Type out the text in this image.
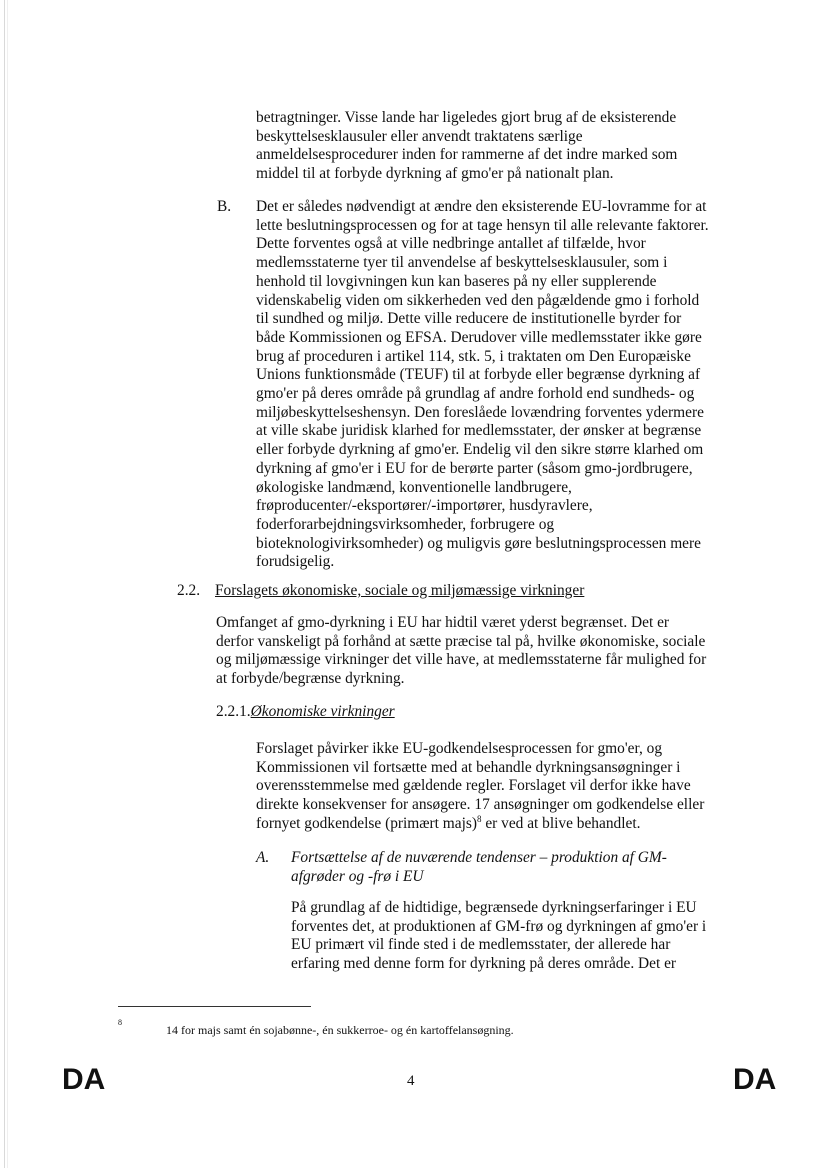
betragtninger. Visse lande har ligeledes gjort brug af de eksisterende

beskyttelsesklausuler eller anvendt traktatens særlige

anmeldelsesprocedurer inden for rammerne af det indre marked som

middel til at forbyde dyrkning af gmo'er på nationalt plan.

B. Det er således nødvendigt at ændre den eksisterende EU-lovramme for at

lette beslutningsprocessen og for at tage hensyn til alle relevante faktorer.

Dette forventes også at ville nedbringe antallet af tilfælde, hvor

medlemsstaterne tyer til anvendelse af beskyttelsesklausuler, som i

henhold til lovgivningen kun kan baseres på ny eller supplerende

videnskabelig viden om sikkerheden ved den pågældende gmo i forhold

til sundhed og miljø. Dette ville reducere de institutionelle byrder for

både Kommissionen og EFSA. Derudover ville medlemsstater ikke gøre

brug af proceduren i artikel 114, stk. 5, i traktaten om Den Europæiske

Unions funktionsmåde (TEUF) til at forbyde eller begrænse dyrkning af

gmo'er på deres område på grundlag af andre forhold end sundheds- og

miljøbeskyttelseshensyn. Den foreslåede lovændring forventes ydermere

at ville skabe juridisk klarhed for medlemsstater, der ønsker at begrænse

eller forbyde dyrkning af gmo'er. Endelig vil den sikre større klarhed om

dyrkning af gmo'er i EU for de berørte parter (såsom gmo-jordbrugere,

økologiske landmænd, konventionelle landbrugere,

frøproducenter/-eksportører/-importører, husdyravlere,

foderforarbejdningsvirksomheder, forbrugere og

bioteknologivirksomheder) og muligvis gøre beslutningsprocessen mere

forudsigelig.

2.2. Forslagets økonomiske, sociale og miljømæssige virkninger

Omfanget af gmo-dyrkning i EU har hidtil været yderst begrænset. Det er

derfor vanskeligt på forhånd at sætte præcise tal på, hvilke økonomiske, sociale

og miljømæssige virkninger det ville have, at medlemsstaterne får mulighed for

at forbyde/begrænse dyrkning.

2.2.1.Økonomiske virkninger

Forslaget påvirker ikke EU-godkendelsesprocessen for gmo'er, og

Kommissionen vil fortsætte med at behandle dyrkningsansøgninger i

overensstemmelse med gældende regler. Forslaget vil derfor ikke have

direkte konsekvenser for ansøgere. 17 ansøgninger om godkendelse eller

fornyet godkendelse (primært majs)$^8$ er ved at blive behandlet.

A. Fortsættelse af de nuværende tendenser – produktion af GM-

afgrøder og -frø i EU

På grundlag af de hidtidige, begrænsede dyrkningserfaringer i EU

forventes det, at produktionen af GM-frø og dyrkningen af gmo'er i

EU primært vil finde sted i de medlemsstater, der allerede har

erfaring med denne form for dyrkning på deres område. Det er

8
14 for majs samt én sojabønne-, én sukkerroe- og én kartoffelansøgning.
DA	4	DA
